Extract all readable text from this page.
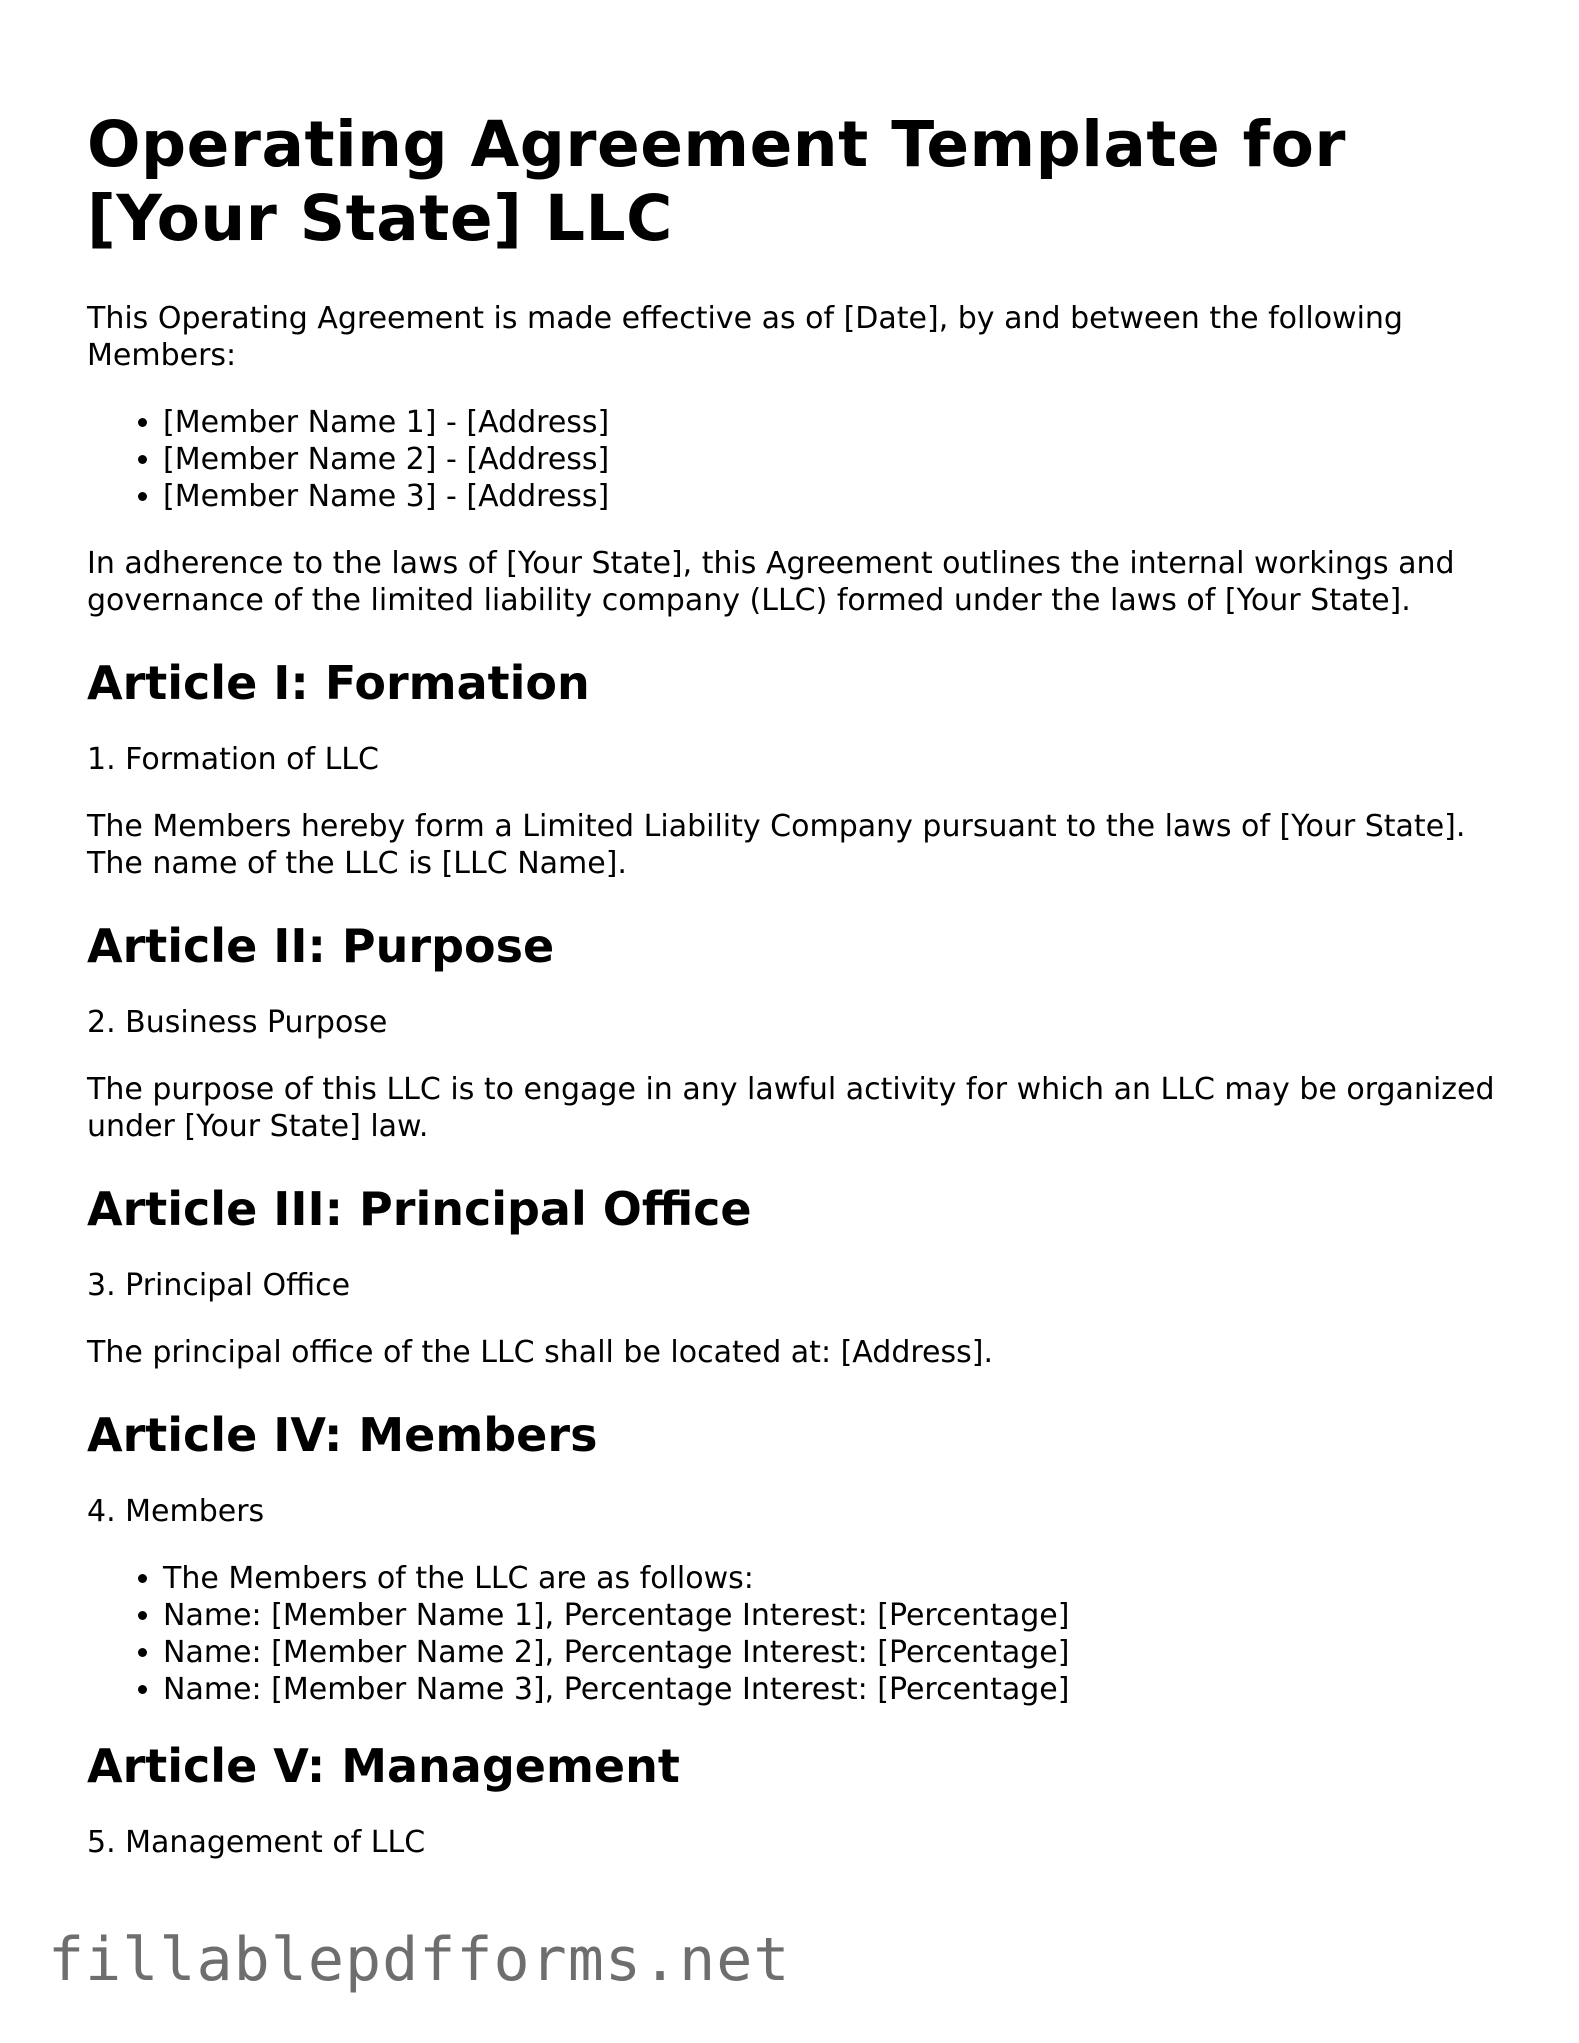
Operating Agreement Template for [Your State] LLC

This Operating Agreement is made effective as of [Date], by and between the following Members:

• [Member Name 1] - [Address]
• [Member Name 2] - [Address]
• [Member Name 3] - [Address]

In adherence to the laws of [Your State], this Agreement outlines the internal workings and governance of the limited liability company (LLC) formed under the laws of [Your State].

Article I: Formation

1. Formation of LLC

The Members hereby form a Limited Liability Company pursuant to the laws of [Your State]. The name of the LLC is [LLC Name].

Article II: Purpose

2. Business Purpose

The purpose of this LLC is to engage in any lawful activity for which an LLC may be organized under [Your State] law.

Article III: Principal Office

3. Principal Office

The principal office of the LLC shall be located at: [Address].

Article IV: Members

4. Members

• The Members of the LLC are as follows:
• Name: [Member Name 1], Percentage Interest: [Percentage]
• Name: [Member Name 2], Percentage Interest: [Percentage]
• Name: [Member Name 3], Percentage Interest: [Percentage]
Article V: Management

5. Management of LLC

fillablepdfforms.net
